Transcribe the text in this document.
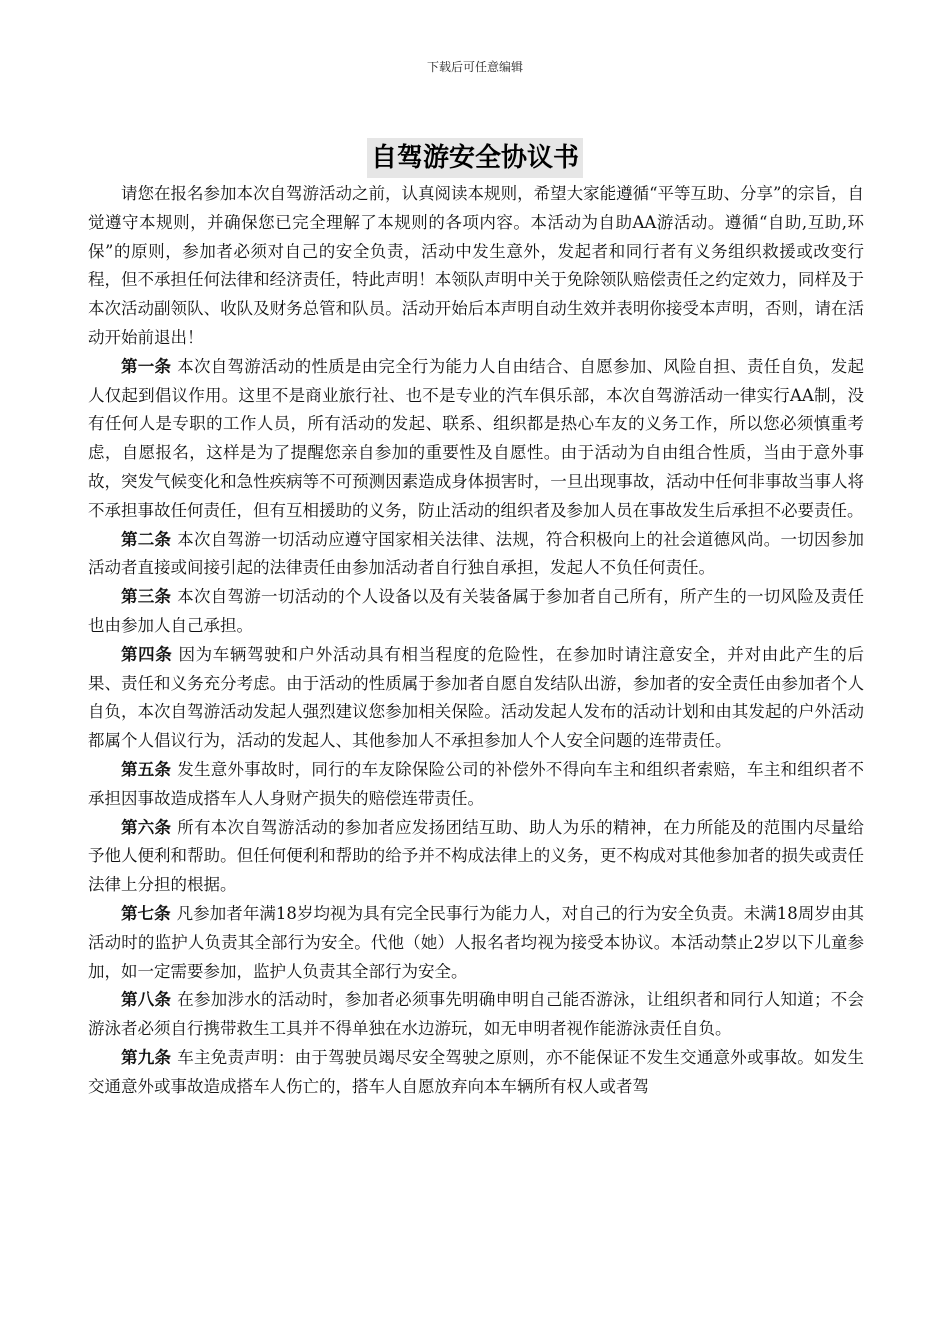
下载后可任意编辑
自驾游安全协议书

请您在报名参加本次自驾游活动之前，认真阅读本规则，希望大家能遵循“平等互助、分享”的宗旨，自觉遵守本规则，并确保您已完全理解了本规则的各项内容。本活动为自助AA游活动。遵循“自助,互助,环保”的原则，参加者必须对自己的安全负责，活动中发生意外，发起者和同行者有义务组织救援或改变行程，但不承担任何法律和经济责任，特此声明！本领队声明中关于免除领队赔偿责任之约定效力，同样及于本次活动副领队、收队及财务总管和队员。活动开始后本声明自动生效并表明你接受本声明，否则，请在活动开始前退出！

第一条 本次自驾游活动的性质是由完全行为能力人自由结合、自愿参加、风险自担、责任自负，发起人仅起到倡议作用。这里不是商业旅行社、也不是专业的汽车俱乐部，本次自驾游活动一律实行AA制，没有任何人是专职的工作人员，所有活动的发起、联系、组织都是热心车友的义务工作，所以您必须慎重考虑，自愿报名，这样是为了提醒您亲自参加的重要性及自愿性。由于活动为自由组合性质，当由于意外事故，突发气候变化和急性疾病等不可预测因素造成身体损害时，一旦出现事故，活动中任何非事故当事人将不承担事故任何责任，但有互相援助的义务，防止活动的组织者及参加人员在事故发生后承担不必要责任。

第二条 本次自驾游一切活动应遵守国家相关法律、法规，符合积极向上的社会道德风尚。一切因参加活动者直接或间接引起的法律责任由参加活动者自行独自承担，发起人不负任何责任。

第三条 本次自驾游一切活动的个人设备以及有关装备属于参加者自己所有，所产生的一切风险及责任也由参加人自己承担。

第四条 因为车辆驾驶和户外活动具有相当程度的危险性，在参加时请注意安全，并对由此产生的后果、责任和义务充分考虑。由于活动的性质属于参加者自愿自发结队出游，参加者的安全责任由参加者个人自负，本次自驾游活动发起人强烈建议您参加相关保险。活动发起人发布的活动计划和由其发起的户外活动都属个人倡议行为，活动的发起人、其他参加人不承担参加人个人安全问题的连带责任。

第五条 发生意外事故时，同行的车友除保险公司的补偿外不得向车主和组织者索赔，车主和组织者不承担因事故造成搭车人人身财产损失的赔偿连带责任。

第六条 所有本次自驾游活动的参加者应发扬团结互助、助人为乐的精神，在力所能及的范围内尽量给予他人便利和帮助。但任何便利和帮助的给予并不构成法律上的义务，更不构成对其他参加者的损失或责任法律上分担的根据。

第七条 凡参加者年满18岁均视为具有完全民事行为能力人，对自己的行为安全负责。未满18周岁由其活动时的监护人负责其全部行为安全。代他（她）人报名者均视为接受本协议。本活动禁止2岁以下儿童参加，如一定需要参加，监护人负责其全部行为安全。

第八条 在参加涉水的活动时，参加者必须事先明确申明自己能否游泳，让组织者和同行人知道；不会游泳者必须自行携带救生工具并不得单独在水边游玩，如无申明者视作能游泳责任自负。

第九条 车主免责声明：由于驾驶员竭尽安全驾驶之原则，亦不能保证不发生交通意外或事故。如发生交通意外或事故造成搭车人伤亡的，搭车人自愿放弃向本车辆所有权人或者驾
